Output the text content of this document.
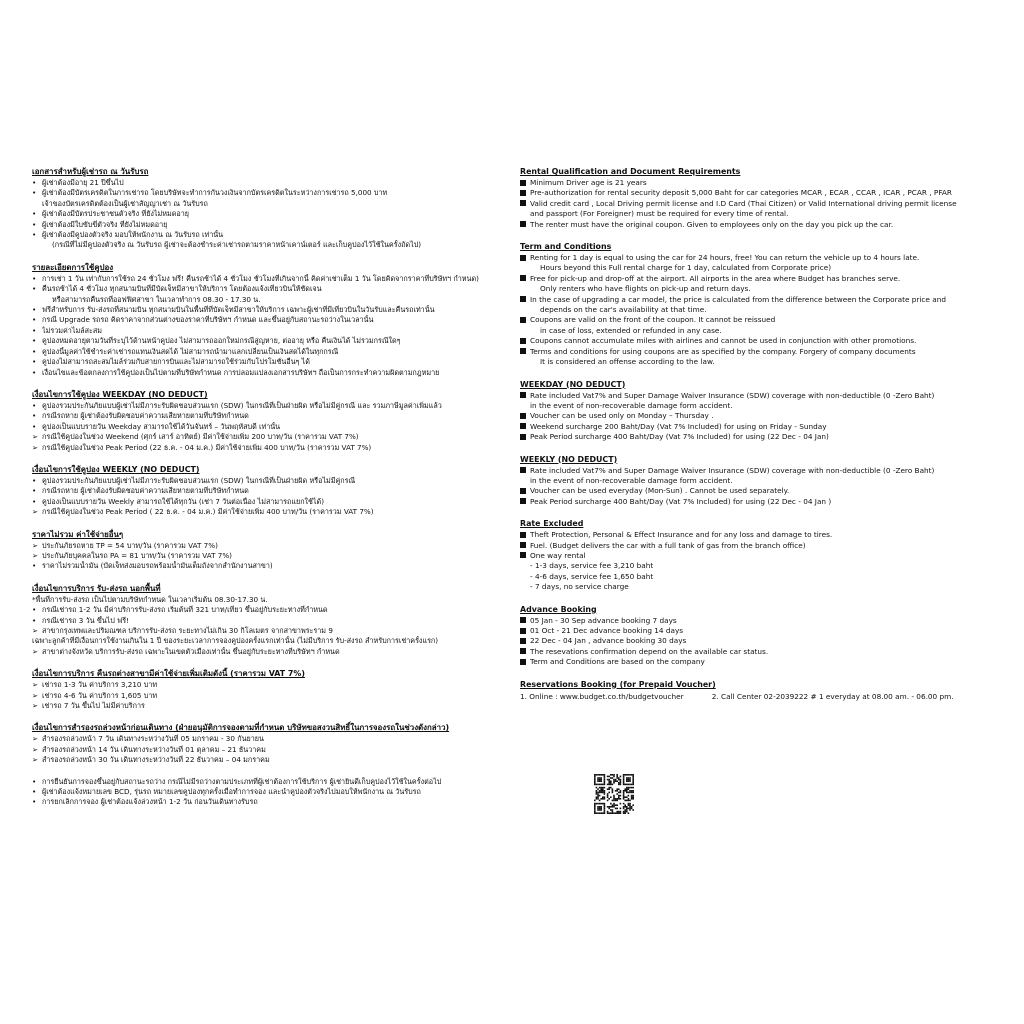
เอกสารสำหรับผู้เช่ารถ ณ วันรับรถ
• ผู้เช่าต้องมีอายุ 21 ปีขึ้นไป
• ผู้เช่าต้องมีบัตรเครดิตในการเช่ารถ โดยบริษัทจะทำการกันวงเงินจากบัตรเครดิตในระหว่างการเช่ารถ 5,000 บาท
เจ้าของบัตรเครดิตต้องเป็นผู้เช่าสัญญาเช่า ณ วันรับรถ
• ผู้เช่าต้องมีบัตรประชาชนตัวจริง ที่ยังไม่หมดอายุ
• ผู้เช่าต้องมีใบขับขี่ตัวจริง ที่ยังไม่หมดอายุ
• ผู้เช่าต้องมีคูปองตัวจริง มอบให้พนักงาน ณ วันรับรถ เท่านั้น
(กรณีที่ไม่มีคูปองตัวจริง ณ วันรับรถ ผู้เช่าจะต้องชำระค่าเช่ารถตามราคาหน้าเคาน์เตอร์ และเก็บคูปองไว้ใช้ในครั้งถัดไป)
รายละเอียดการใช้คูปอง
• การเช่า 1 วัน เท่ากับการใช้รถ 24 ชั่วโมง ฟรี! คืนรถช้าได้ 4 ชั่วโมง ชั่วโมงที่เกินจากนี้ คิดค่าเช่าเต็ม 1 วัน โดยคิดจากราคาที่บริษัทฯ กำหนด)
• คืนรถช้าได้ 4 ชั่วโมง ทุกสนามบินที่มีบัดเจ็ทมีสาขาให้บริการ โดยต้องแจ้งเที่ยวบินให้ชัดเจน
หรือสามารถคืนรถที่ออฟฟิศสาขา ในเวลาทำการ 08.30 - 17.30 น.
• ฟรีสำหรับการ รับ-ส่งรถที่สนามบิน ทุกสนามบินในพื้นที่ที่บัดเจ็ทมีสาขาให้บริการ เฉพาะผู้เช่าที่มีเที่ยวบินในวันรับและคืนรถเท่านั้น
• กรณี Upgrade รถรถ คิดราคาจากส่วนต่างของราคาที่บริษัทฯ กำหนด และขึ้นอยู่กับสถานะรถว่างในเวลานั้น
• ไม่รวมค่าไมล์สะสม
• คูปองหมดอายุตามวันที่ระบุไว้ด้านหน้าคูปอง ไม่สามารถออกใหม่กรณีสูญหาย, ต่ออายุ หรือ คืนเงินได้ ไม่รวมกรณีใดๆ
• คูปองนี้มูลค่าใช้ชำระค่าเช่ารถแทนเงินสดได้ ไม่สามารถนำมาแลกเปลี่ยนเป็นเงินสดได้ในทุกกรณี
• คูปองไม่สามารถสะสมไมล์ร่วมกับสายการบินและไม่สามารถใช้ร่วมกับโปรโมชั่นอื่นๆ ได้
• เงื่อนไขและข้อตกลงการใช้คูปองเป็นไปตามที่บริษัทกำหนด การปลอมแปลงเอกสารบริษัทฯ ถือเป็นการกระทำความผิดตามกฎหมาย
เงื่อนไขการใช้คูปอง WEEKDAY (NO DEDUCT)
• คูปองรวมประกันภัยแบบผู้เช่าไม่มีภาระรับผิดชอบส่วนแรก (SDW) ในกรณีที่เป็นฝ่ายผิด หรือไม่มีคู่กรณี และ รวมภาษีมูลค่าเพิ่มแล้ว
• กรณีรถหาย ผู้เช่าต้องรับผิดชอบค่าความเสียหายตามที่บริษัทกำหนด
• คูปองเป็นแบบรายวัน Weekday สามารถใช้ได้วันจันทร์ – วันพฤหัสบดี เท่านั้น
➢ กรณีใช้คูปองในช่วง Weekend (ศุกร์ เสาร์ อาทิตย์) มีค่าใช้จ่ายเพิ่ม 200 บาท/วัน (ราคารวม VAT 7%)
➢ กรณีใช้คูปองในช่วง Peak Period (22 ธ.ค. - 04 ม.ค.) มีค่าใช้จ่ายเพิ่ม 400 บาท/วัน (ราคารวม VAT 7%)
เงื่อนไขการใช้คูปอง WEEKLY (NO DEDUCT)
• คูปองรวมประกันภัยแบบผู้เช่าไม่มีภาระรับผิดชอบส่วนแรก (SDW) ในกรณีที่เป็นฝ่ายผิด หรือไม่มีคู่กรณี
• กรณีรถหาย ผู้เช่าต้องรับผิดชอบค่าความเสียหายตามที่บริษัทกำหนด
• คูปองเป็นแบบรายวัน Weekly สามารถใช้ได้ทุกวัน (เช่า 7 วันต่อเนื่อง ไม่สามารถแยกใช้ได้)
➢ กรณีใช้คูปองในช่วง Peak Period ( 22 ธ.ค. - 04 ม.ค.) มีค่าใช้จ่ายเพิ่ม 400 บาท/วัน (ราคารวม VAT 7%)
ราคาไม่รวม ค่าใช้จ่ายอื่นๆ
➢ ประกันภัยรถหาย TP = 54 บาท/วัน (ราคารวม VAT 7%)
➢ ประกันภัยบุคคลในรถ PA = 81 บาท/วัน (ราคารวม VAT 7%)
• ราคาไม่รวมน้ำมัน (บัดเจ็ทส่งมอบรถพร้อมน้ำมันเต็มถังจากสำนักงานสาขา)
เงื่อนไขการบริการ รับ-ส่งรถ นอกพื้นที่
*พื้นที่การรับ-ส่งรถ เป็นไปตามบริษัทกำหนด ในเวลาเริ่มต้น 08.30-17.30 น.
• กรณีเช่ารถ 1-2 วัน มีค่าบริการรับ-ส่งรถ เริ่มต้นที่ 321 บาท/เที่ยว ขึ้นอยู่กับระยะทางที่กำหนด
• กรณีเช่ารถ 3 วัน ขึ้นไป ฟรี!
➢ สาขากรุงเทพและปริมณฑล บริการรับ-ส่งรถ ระยะทางไม่เกิน 30 กิโลเมตร จากสาขาพระราม 9
เฉพาะลูกค้าที่มีเงื่อนการใช้งานเกินใน 1 ปี ของระยะเวลาการจองคูปองครั้งแรกเท่านั้น (ไม่มีบริการ รับ-ส่งรถ สำหรับการเช่าครั้งแรก)
➢ สาขาต่างจังหวัด บริการรับ-ส่งรถ เฉพาะในเขตตัวเมืองเท่านั้น ขึ้นอยู่กับระยะทางที่บริษัทฯ กำหนด
เงื่อนไขการบริการ คืนรถต่างสาขามีค่าใช้จ่ายเพิ่มเติมดังนี้ (ราคารวม VAT 7%)
➢ เช่ารถ 1-3 วัน ค่าบริการ 3,210 บาท
➢ เช่ารถ 4-6 วัน ค่าบริการ 1,605 บาท
➢ เช่ารถ 7 วัน ขึ้นไป ไม่มีค่าบริการ
เงื่อนไขการสำรองรถล่วงหน้าก่อนเดินทาง (ฝ่ายอนุมัติการจองตามที่กำหนด บริษัทขอสงวนสิทธิ์ในการจองรถในช่วงดังกล่าว)
➢ สำรองรถล่วงหน้า 7 วัน เดินทางระหว่างวันที่ 05 มกราคม - 30 กันยายน
➢ สำรองรถล่วงหน้า 14 วัน เดินทางระหว่างวันที่ 01 ตุลาคม – 21 ธันวาคม
➢ สำรองรถล่วงหน้า 30 วัน เดินทางระหว่างวันที่ 22 ธันวาคม – 04 มกราคม
• การยืนยันการจองขึ้นอยู่กับสถานะรถว่าง กรณีไม่มีรถว่างตามประเภทที่ผู้เช่าต้องการใช้บริการ ผู้เช่ายินดีเก็บคูปองไว้ใช้ในครั้งต่อไป
• ผู้เช่าต้องแจ้งหมายเลข BCD, รุ่นรถ หมายเลขคูปองทุกครั้งเมื่อทำการจอง และนำคูปองตัวจริงไปมอบให้พนักงาน ณ วันรับรถ
• การยกเลิกการจอง ผู้เช่าต้องแจ้งล่วงหน้า 1-2 วัน ก่อนวันเดินทางรับรถ
Rental Qualification and Document Requirements
Minimum Driver age is 21 years
Pre-authorization for rental security deposit 5,000 Baht for car categories MCAR , ECAR , CCAR , ICAR , PCAR , PFAR
Valid credit card , Local Driving permit license and I.D Card (Thai Citizen) or Valid International driving permit license
and passport (For Foreigner) must be required for every time of rental.
The renter must have the original coupon. Given to employees only on the day you pick up the car.
Term and Conditions
Renting for 1 day is equal to using the car for 24 hours, free! You can return the vehicle up to 4 hours late.
Hours beyond this Full rental charge for 1 day, calculated from Corporate price)
Free for pick-up and drop-off at the airport. All airports in the area where Budget has branches serve.
Only renters who have flights on pick-up and return days.
In the case of upgrading a car model, the price is calculated from the difference between the Corporate price and
depends on the car's availability at that time.
Coupons are valid on the front of the coupon. It cannot be reissued
in case of loss, extended or refunded in any case.
Coupons cannot accumulate miles with airlines and cannot be used in conjunction with other promotions.
Terms and conditions for using coupons are as specified by the company. Forgery of company documents
It is considered an offense according to the law.
WEEKDAY (NO DEDUCT)
Rate included Vat7% and Super Damage Waiver Insurance (SDW) coverage with non-deductible (0 -Zero Baht)
in the event of non-recoverable damage form accident.
Voucher can be used only on Monday – Thursday .
Weekend surcharge 200 Baht/Day (Vat 7% Included) for using on Friday - Sunday
Peak Period surcharge 400 Baht/Day (Vat 7% Included) for using (22 Dec - 04 Jan)
WEEKLY (NO DEDUCT)
Rate included Vat7% and Super Damage Waiver Insurance (SDW) coverage with non-deductible (0 -Zero Baht)
in the event of non-recoverable damage form accident.
Voucher can be used everyday (Mon-Sun) . Cannot be used separately.
Peak Period surcharge 400 Baht/Day (Vat 7% Included) for using (22 Dec - 04 Jan )
Rate Excluded
Theft Protection, Personal & Effect Insurance and for any loss and damage to tires.
Fuel. (Budget delivers the car with a full tank of gas from the branch office)
One way rental
- 1-3 days, service fee 3,210 baht
- 4-6 days, service fee 1,650 baht
- 7 days, no service charge
Advance Booking
05 Jan - 30 Sep advance booking 7 days
01 Oct - 21 Dec advance booking 14 days
22 Dec - 04 Jan , advance booking 30 days
The resevations confirmation depend on the available car status.
Term and Conditions are based on the company
Reservations Booking (for Prepaid Voucher)
1. Online : www.budget.co.th/budgetvoucher	2. Call Center 02-2039222 # 1 everyday at 08.00 am. - 06.00 pm.
